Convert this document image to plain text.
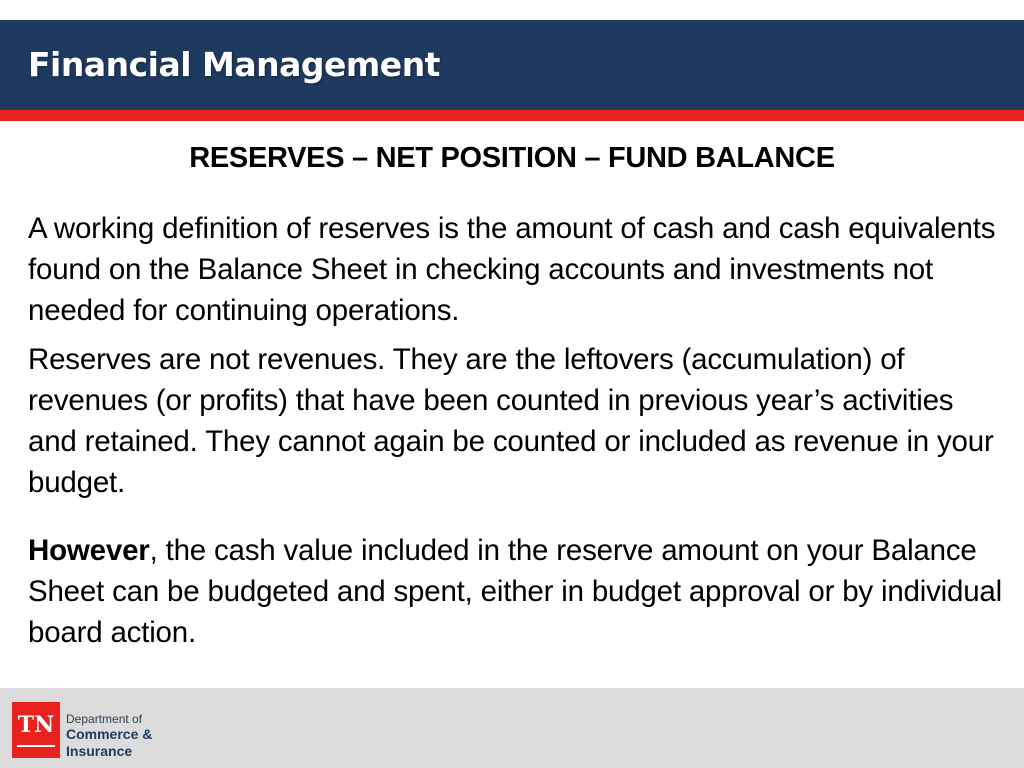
Financial Management
RESERVES – NET POSITION – FUND BALANCE
A working definition of reserves is the amount of cash and cash equivalents found on the Balance Sheet in checking accounts and investments not needed for continuing operations.
Reserves are not revenues. They are the leftovers (accumulation) of revenues (or profits) that have been counted in previous year’s activities and retained. They cannot again be counted or included as revenue in your budget.
However, the cash value included in the reserve amount on your Balance Sheet can be budgeted and spent, either in budget approval or by individual board action.
TN Department of
Commerce &
Insurance
